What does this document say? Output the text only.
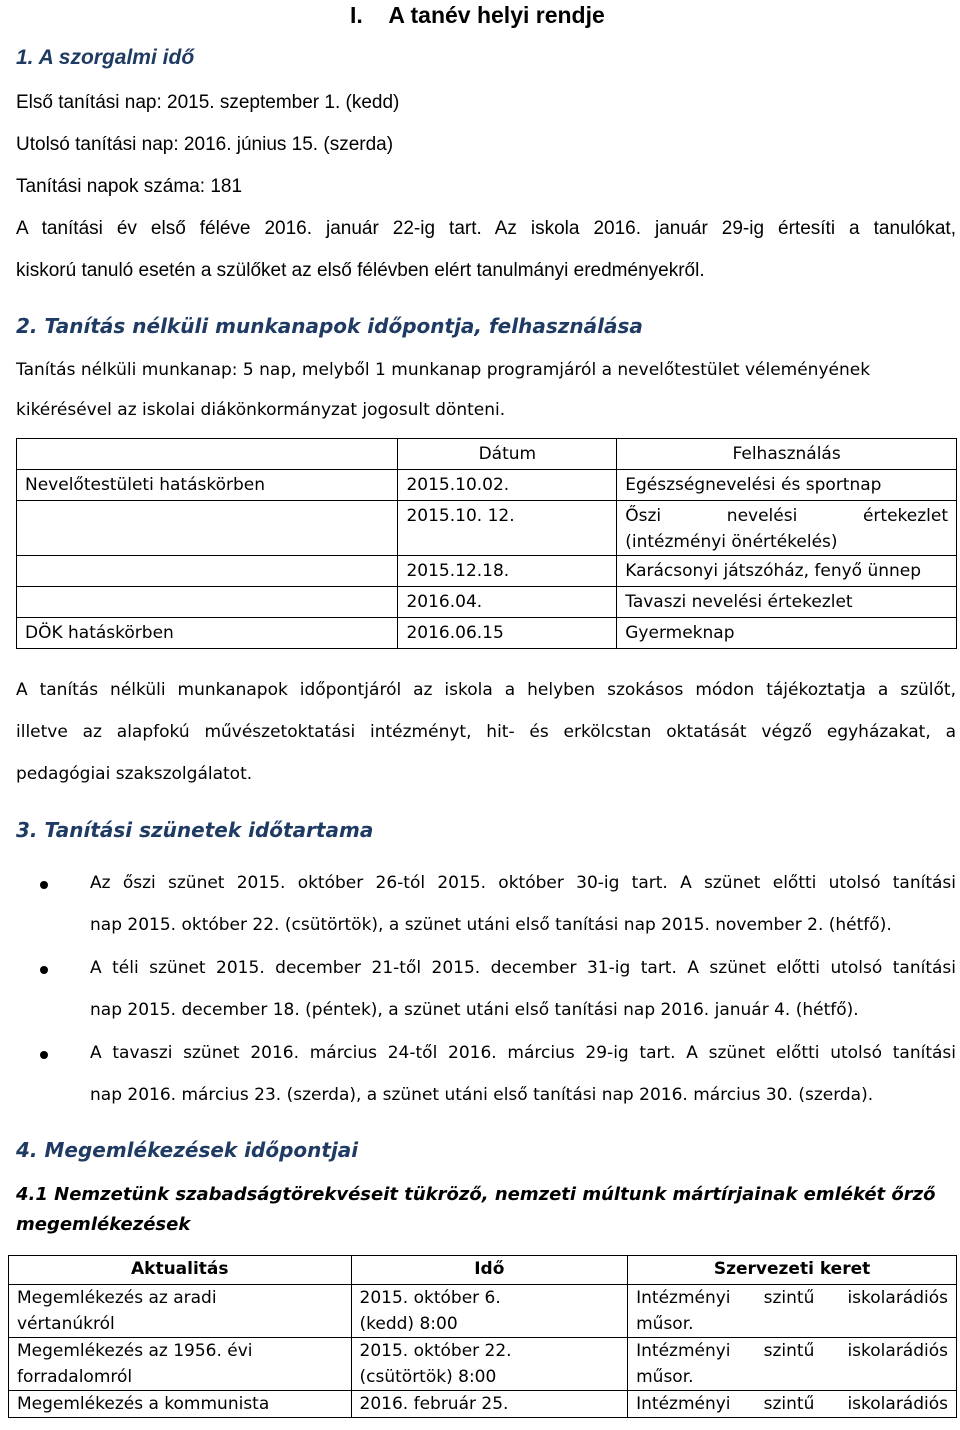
I.    A tanév helyi rendje
1. A szorgalmi idő
Első tanítási nap: 2015. szeptember 1. (kedd)
Utolsó tanítási nap: 2016. június 15. (szerda)
Tanítási napok száma: 181
A tanítási év első féléve 2016. január 22-ig tart. Az iskola 2016. január 29-ig értesíti a tanulókat,
kiskorú tanuló esetén a szülőket az első félévben elért tanulmányi eredményekről.
2. Tanítás nélküli munkanapok időpontja, felhasználása
Tanítás nélküli munkanap: 5 nap, melyből 1 munkanap programjáról a nevelőtestület véleményének
kikérésével az iskolai diákönkormányzat jogosult dönteni.
	Dátum	Felhasználás
Nevelőtestületi hatáskörben	2015.10.02.	Egészségnevelési és sportnap
	2015.10. 12.	Őszi nevelési értekezlet
(intézményi önértékelés)

	2015.12.18.	Karácsonyi játszóház, fenyő ünnep
	2016.04.	Tavaszi nevelési értekezlet
DÖK hatáskörben	2016.06.15	Gyermeknap
A tanítás nélküli munkanapok időpontjáról az iskola a helyben szokásos módon tájékoztatja a szülőt,
illetve az alapfokú művészetoktatási intézményt, hit- és erkölcstan oktatását végző egyházakat, a
pedagógiai szakszolgálatot.
3. Tanítási szünetek időtartama
Az őszi szünet 2015. október 26-tól 2015. október 30-ig tart. A szünet előtti utolsó tanítási
nap 2015. október 22. (csütörtök), a szünet utáni első tanítási nap 2015. november 2. (hétfő).
A téli szünet 2015. december 21-től 2015. december 31-ig tart. A szünet előtti utolsó tanítási
nap 2015. december 18. (péntek), a szünet utáni első tanítási nap 2016. január 4. (hétfő).
A tavaszi szünet 2016. március 24-től 2016. március 29-ig tart. A szünet előtti utolsó tanítási
nap 2016. március 23. (szerda), a szünet utáni első tanítási nap 2016. március 30. (szerda).
4. Megemlékezések időpontjai
4.1 Nemzetünk szabadságtörekvéseit tükröző, nemzeti múltunk mártírjainak emlékét őrző
megemlékezések
Aktualitás	Idő	Szervezeti keret

Megemlékezés az aradi
vértanúkról	2015. október 6.
(kedd) 8:00	Intézményi szintű iskolarádiós
műsor.

Megemlékezés az 1956. évi
forradalomról	2015. október 22.
(csütörtök) 8:00	Intézményi szintű iskolarádiós
műsor.

Megemlékezés a kommunista	2016. február 25.	Intézményi szintű iskolarádiós
